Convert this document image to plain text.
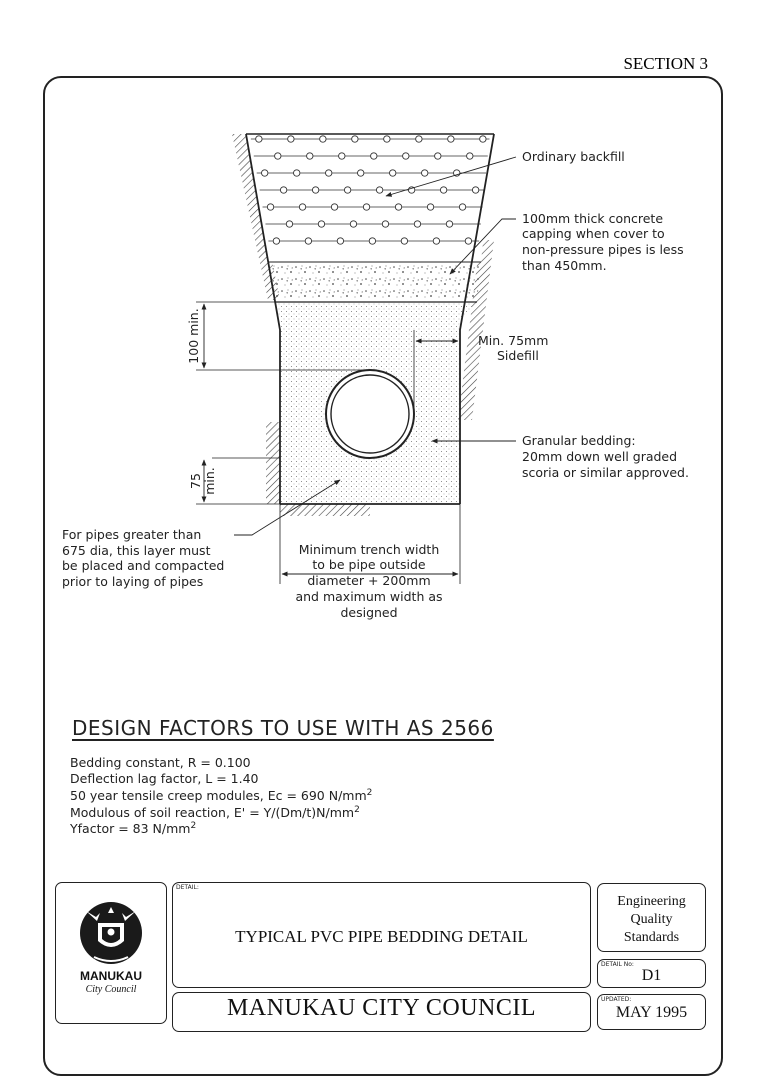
SECTION 3
100 min.
75 min.
Ordinary backfill
100mm thick concrete
capping when cover to
non-pressure pipes is less
than 450mm.
Min. 75mm
Sidefill
Granular bedding:
20mm down well graded
scoria or similar approved.
For pipes greater than
675 dia, this layer must
be placed and compacted
prior to laying of pipes
Minimum trench width
to be pipe outside
diameter + 200mm
and maximum width as
designed
DESIGN FACTORS TO USE WITH AS 2566
Bedding constant, R = 0.100
Deflection lag factor, L = 1.40
50 year tensile creep modules, Ec = 690 $N/mm^2$
Modulous of soil reaction, $E' = Y/(Dm/t)N/mm^2$
Yfactor = 83 $N/mm^2$
MANUKAU
City Council
DETAIL:
TYPICAL PVC PIPE BEDDING DETAIL
MANUKAU CITY COUNCIL
Engineering
Quality
Standards
DETAIL No:
D1
UPDATED:
MAY 1995
